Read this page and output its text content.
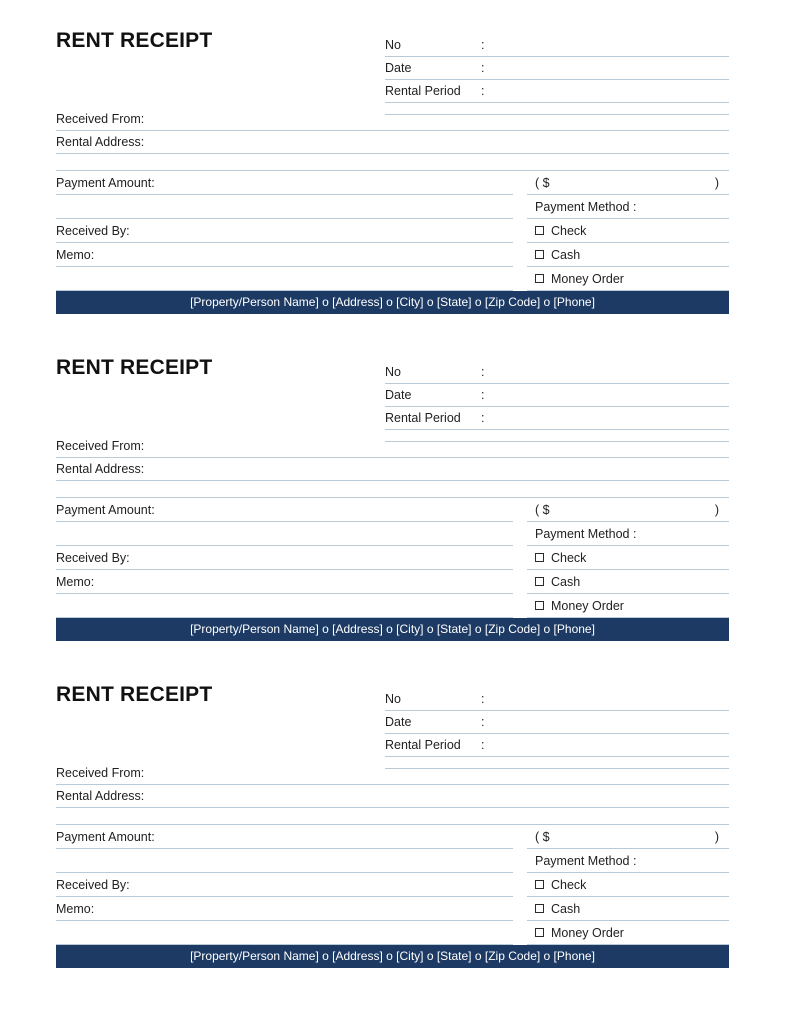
RENT RECEIPT	No	:
Date	:
Rental Period	:
Received From:
Rental Address:
Payment Amount:
Received By:
Memo:
( $	)
Payment Method :
Check
Cash
Money Order
[Property/Person Name] o [Address] o [City] o [State] o [Zip Code] o [Phone]
RENT RECEIPT	No	:
Date	:
Rental Period	:
Received From:
Rental Address:
Payment Amount:
Received By:
Memo:
( $	)
Payment Method :
Check
Cash
Money Order
[Property/Person Name] o [Address] o [City] o [State] o [Zip Code] o [Phone]
RENT RECEIPT	No	:
Date	:
Rental Period	:
Received From:
Rental Address:
Payment Amount:
Received By:
Memo:
( $	)
Payment Method :
Check
Cash
Money Order
[Property/Person Name] o [Address] o [City] o [State] o [Zip Code] o [Phone]
